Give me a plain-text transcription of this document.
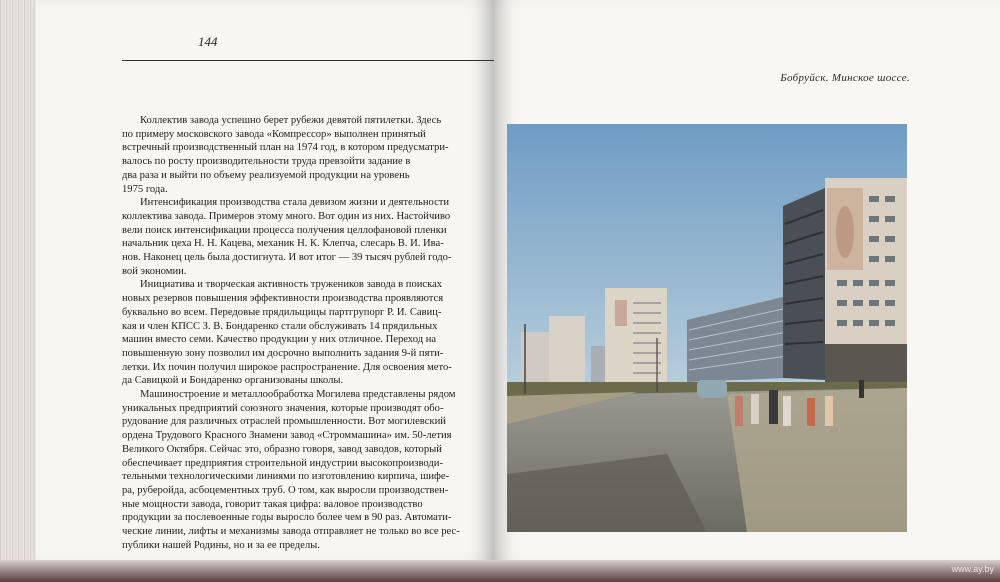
144
Коллектив завода успешно берет рубежи девятой пятилетки. Здесь
по примеру московского завода «Компрессор» выполнен принятый
встречный производственный план на 1974 год, в котором предусматри-
валось по росту производительности труда превзойти задание в
два раза и выйти по объему реализуемой продукции на уровень
1975 года.
Интенсификация производства стала девизом жизни и деятельности
коллектива завода. Примеров этому много. Вот один из них. Настойчиво
вели поиск интенсификации процесса получения целлофановой пленки
начальник цеха Н. Н. Кацева, механик Н. К. Клепча, слесарь В. И. Ива-
нов. Наконец цель была достигнута. И вот итог — 39 тысяч рублей годо-
вой экономии.
Инициатива и творческая активность тружеников завода в поисках
новых резервов повышения эффективности производства проявляются
буквально во всем. Передовые прядильщицы партгрупорг Р. И. Савиц-
кая и член КПСС З. В. Бондаренко стали обслуживать 14 прядильных
машин вместо семи. Качество продукции у них отличное. Переход на
повышенную зону позволил им досрочно выполнить задания 9-й пяти-
летки. Их почин получил широкое распространение. Для освоения мето-
да Савицкой и Бондаренко организованы школы.
Машиностроение и металлообработка Могилева представлены рядом
уникальных предприятий союзного значения, которые производят обо-
рудование для различных отраслей промышленности. Вот могилевский
ордена Трудового Красного Знамени завод «Строммашина» им. 50-летия
Великого Октября. Сейчас это, образно говоря, завод заводов, который
обеспечивает предприятия строительной индустрии высокопроизводи-
тельными технологическими линиями по изготовлению кирпича, шифе-
ра, руберойда, асбоцементных труб. О том, как выросли производствен-
ные мощности завода, говорит такая цифра: валовое производство
продукции за послевоенные годы выросло более чем в 90 раз. Автомати-
ческие линии, лифты и механизмы завода отправляет не только во все рес-
публики нашей Родины, но и за ее пределы.
Бобруйск. Минское шоссе.
www.ay.by
